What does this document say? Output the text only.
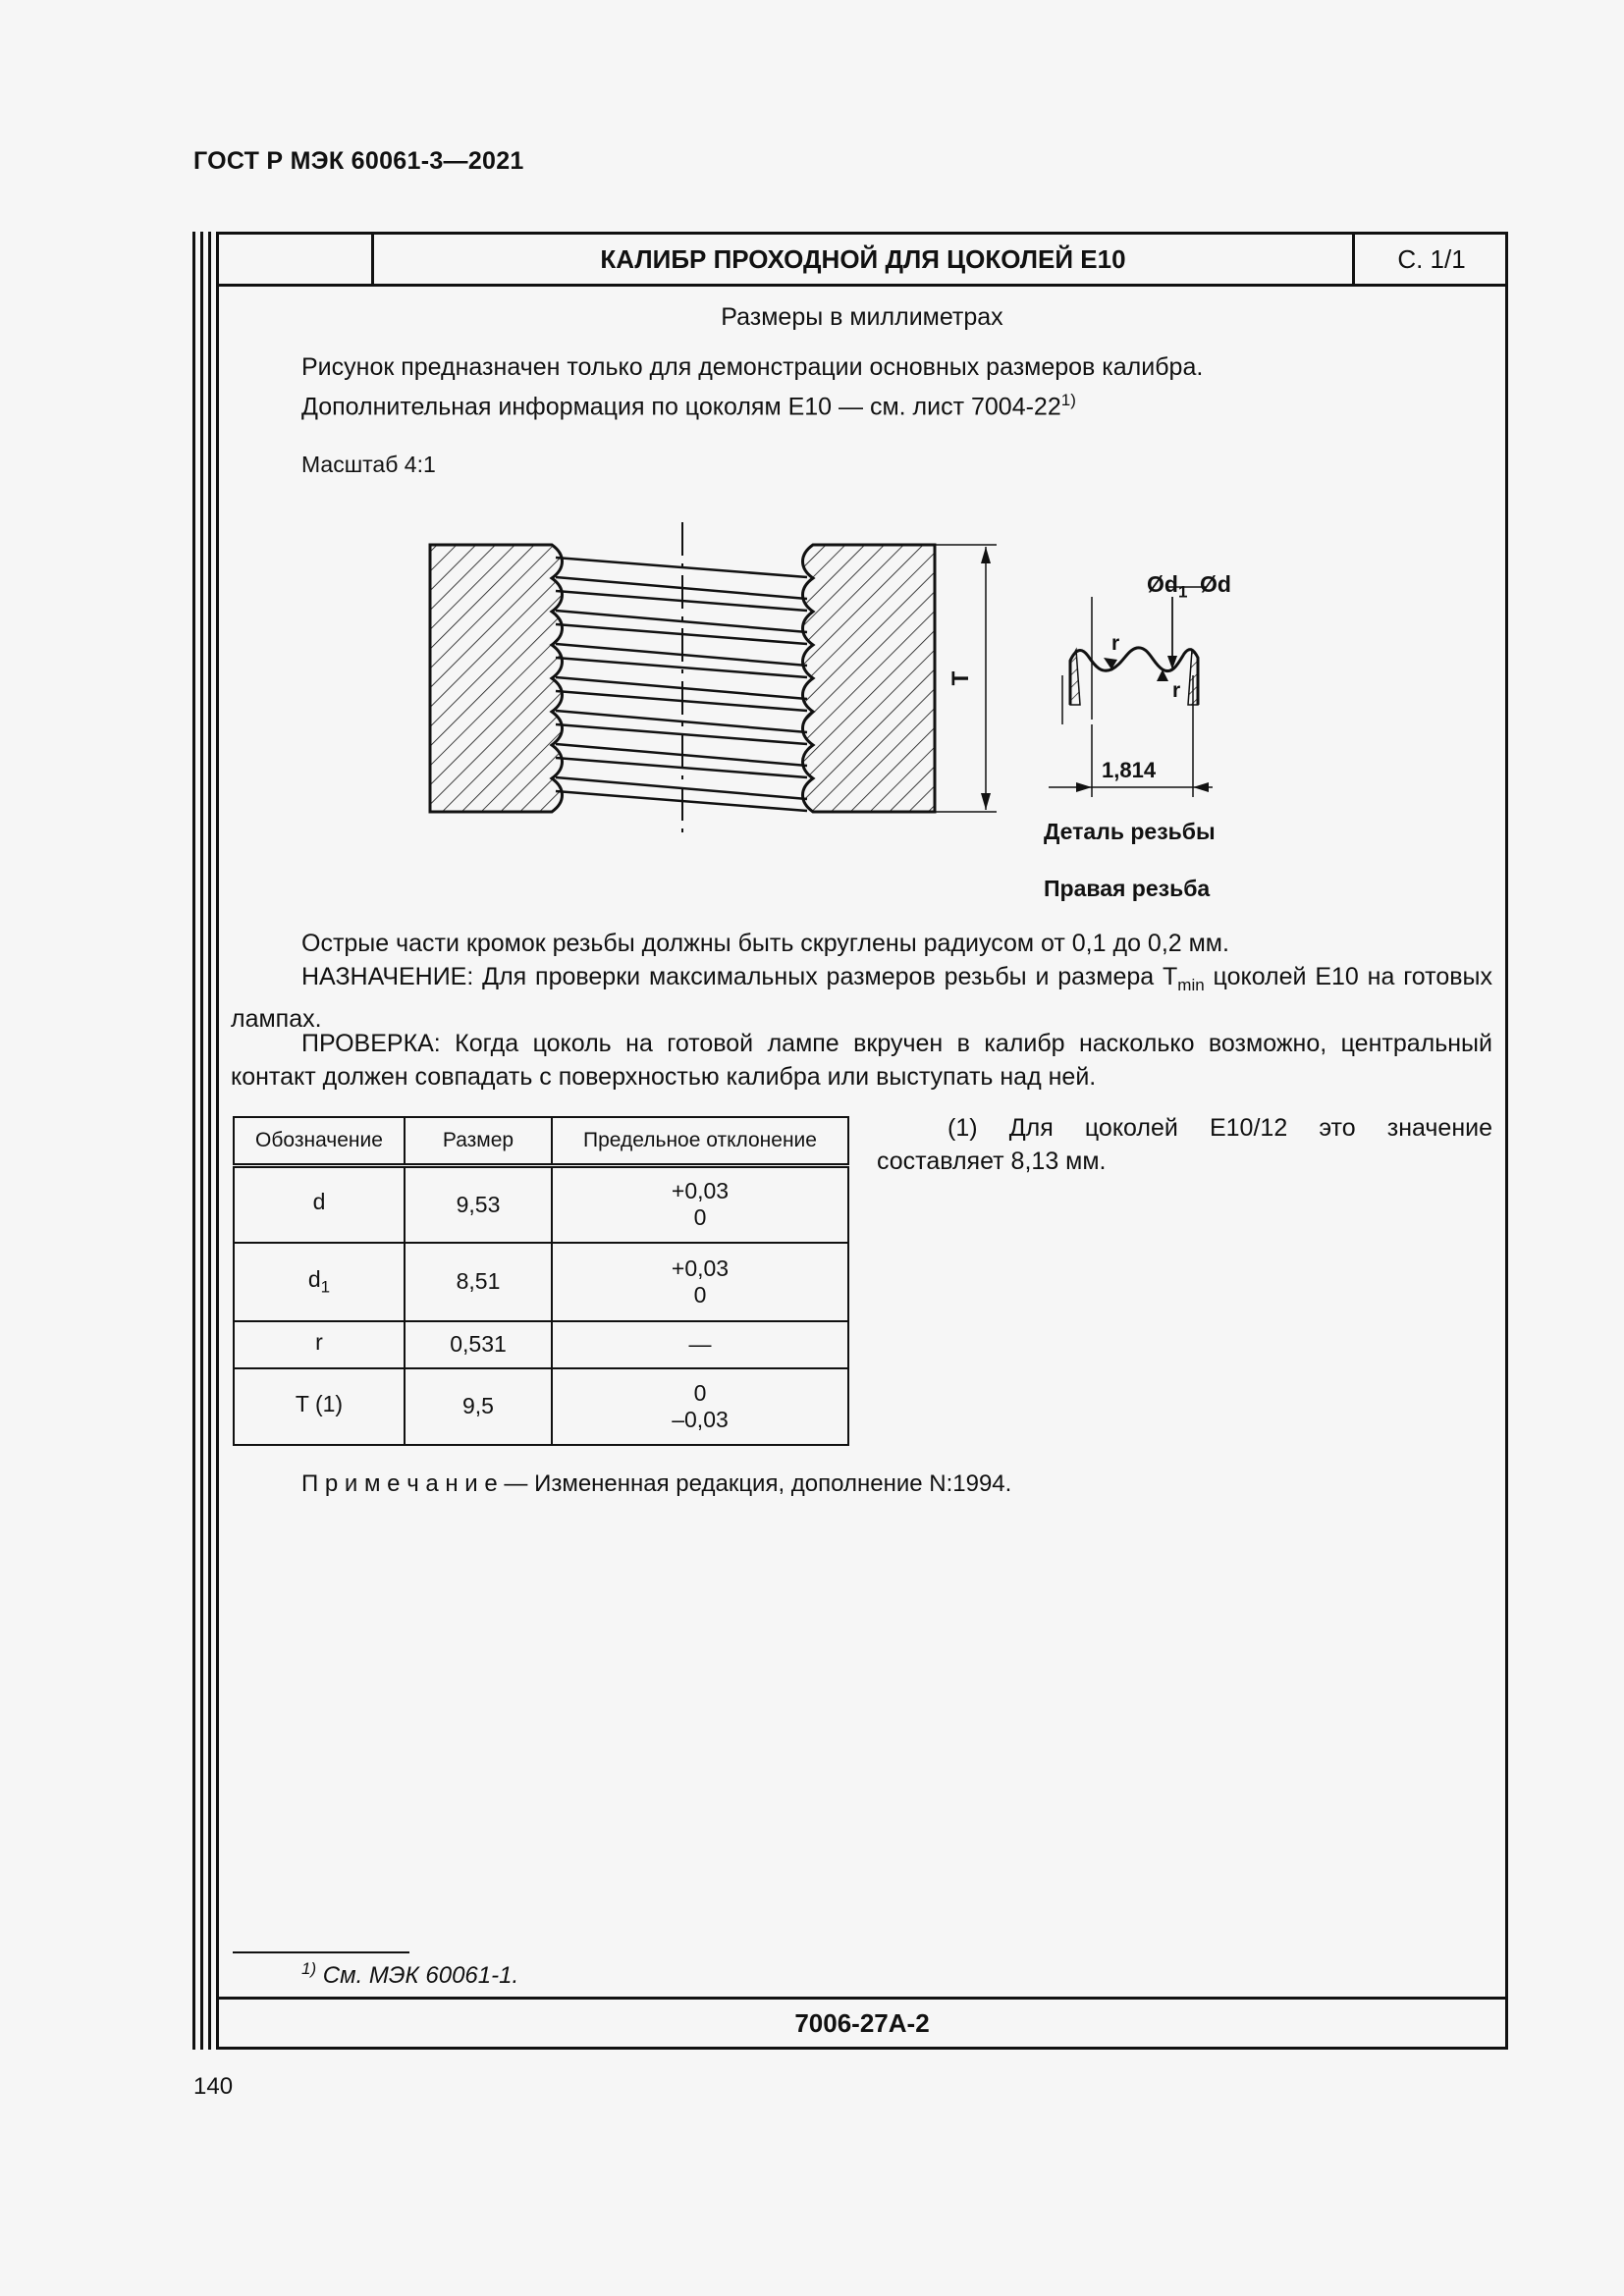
ГОСТ Р МЭК 60061-3—2021
КАЛИБР ПРОХОДНОЙ ДЛЯ ЦОКОЛЕЙ E10	С. 1/1
7006-27A-2
Размеры в миллиметрах
Рисунок предназначен только для демонстрации основных размеров калибра.
Дополнительная информация по цоколям E10 — см. лист 7004-22$^{1)}$
Масштаб 4:1
T
1,814
r
r
$Ød_1$ Ød
Деталь резьбы
Правая резьба
Острые части кромок резьбы должны быть скруглены радиусом от 0,1 до 0,2 мм.
НАЗНАЧЕНИЕ: Для проверки максимальных размеров резьбы и размера $T_{min}$ цоколей E10 на готовых лампах.
ПРОВЕРКА: Когда цоколь на готовой лампе вкручен в калибр насколько возможно, центральный контакт должен совпадать с поверхностью калибра или выступать над ней.
Обозначение	Размер	Предельное отклонение
d	9,53	+0,03
0

$d_1$	8,51	+0,03
0

r	0,531	—

T (1)	9,5	0
–0,03
(1) Для цоколей E10/12 это значение составляет 8,13 мм.
П р и м е ч а н и е — Измененная редакция, дополнение N:1994.
$^{1)}$ См. МЭК 60061-1.
140
